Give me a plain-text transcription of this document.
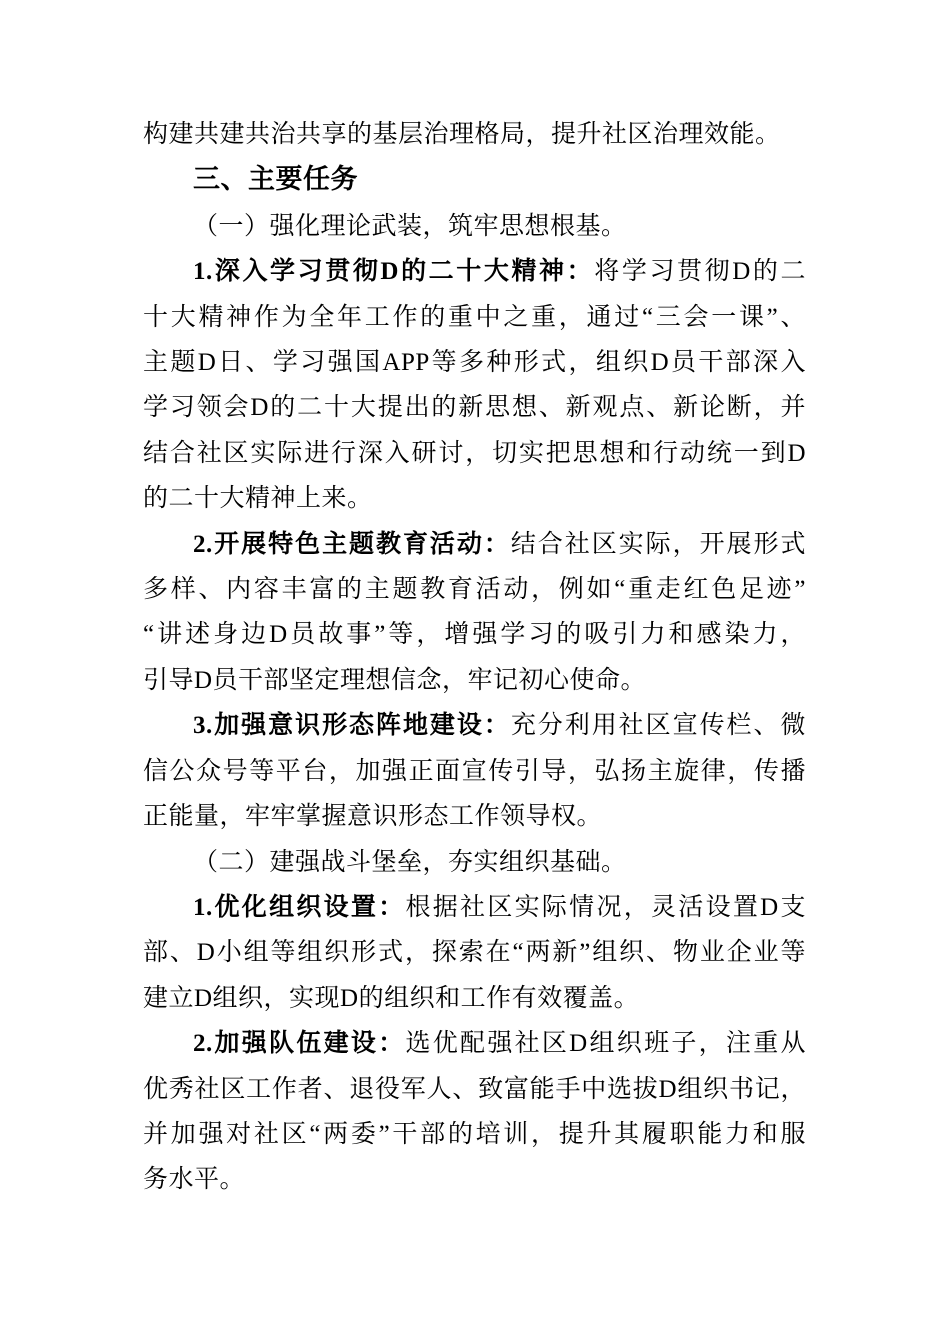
构建共建共治共享的基层治理格局，提升社区治理效能。
三、主要任务
（一）强化理论武装，筑牢思想根基。
1.深入学习贯彻D的二十大精神：将学习贯彻D的二
十大精神作为全年工作的重中之重，通过“三会一课”、
主题D日、学习强国APP等多种形式，组织D员干部深入
学习领会D的二十大提出的新思想、新观点、新论断，并
结合社区实际进行深入研讨，切实把思想和行动统一到D
的二十大精神上来。
2.开展特色主题教育活动：结合社区实际，开展形式
多样、内容丰富的主题教育活动，例如“重走红色足迹”
“讲述身边D员故事”等，增强学习的吸引力和感染力，
引导D员干部坚定理想信念，牢记初心使命。
3.加强意识形态阵地建设：充分利用社区宣传栏、微
信公众号等平台，加强正面宣传引导，弘扬主旋律，传播
正能量，牢牢掌握意识形态工作领导权。
（二）建强战斗堡垒，夯实组织基础。
1.优化组织设置：根据社区实际情况，灵活设置D支
部、D小组等组织形式，探索在“两新”组织、物业企业等
建立D组织，实现D的组织和工作有效覆盖。
2.加强队伍建设：选优配强社区D组织班子，注重从
优秀社区工作者、退役军人、致富能手中选拔D组织书记，
并加强对社区“两委”干部的培训，提升其履职能力和服
务水平。
